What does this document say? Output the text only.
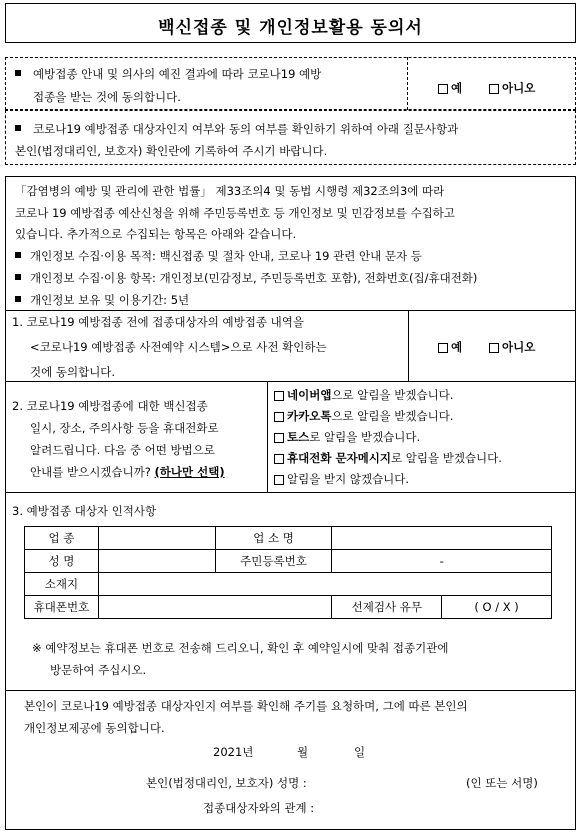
백신접종 및 개인정보활용 동의서
예방접종 안내 및 의사의 예진 결과에 따라 코로나19 예방
접종을 받는 것에 동의합니다.
예	아니오
코로나19 예방접종 대상자인지 여부와 동의 여부를 확인하기 위하여 아래 질문사항과
본인(법정대리인, 보호자) 확인란에 기록하여 주시기 바랍니다.
「감염병의 예방 및 관리에 관한 법률」 제33조의4 및 동법 시행령 제32조의3에 따라
코로나 19 예방접종 예산신청을 위해 주민등록번호 등 개인정보 및 민감정보를 수집하고
있습니다. 추가적으로 수집되는 항목은 아래와 같습니다.
개인정보 수집·이용 목적: 백신접종 및 절차 안내, 코로나 19 관련 안내 문자 등
개인정보 수집·이용 항목: 개인정보(민감정보, 주민등록번호 포함), 전화번호(집/휴대전화)
개인정보 보유 및 이용기간: 5년
1. 코로나19 예방접종 전에 접종대상자의 예방접종 내역을
<코로나19 예방접종 사전예약 시스템>으로 사전 확인하는
것에 동의합니다.
예	아니오
2. 코로나19 예방접종에 대한 백신접종
일시, 장소, 주의사항 등을 휴대전화로
알려드립니다. 다음 중 어떤 방법으로
안내를 받으시겠습니까? (하나만 선택)
네이버앱으로 알림을 받겠습니다.
카카오톡으로 알림을 받겠습니다.
토스로 알림을 받겠습니다.
휴대전화 문자메시지로 알림을 받겠습니다.
알림을 받지 않겠습니다.
3. 예방접종 대상자 인적사항
업 종		업 소 명		
성 명		주민등록번호	-	
소재지				
휴대폰번호			선제검사 유무	( O / X )
※ 예약정보는 휴대폰 번호로 전송해 드리오니, 확인 후 예약일시에 맞춰 접종기관에
방문하여 주십시오.
본인이 코로나19 예방접종 대상자인지 여부를 확인해 주기를 요청하며, 그에 따른 본인의
개인정보제공에 동의합니다.
2021년	월	일
본인(법정대리인, 보호자) 성명 :	(인 또는 서명)
접종대상자와의 관계 :
